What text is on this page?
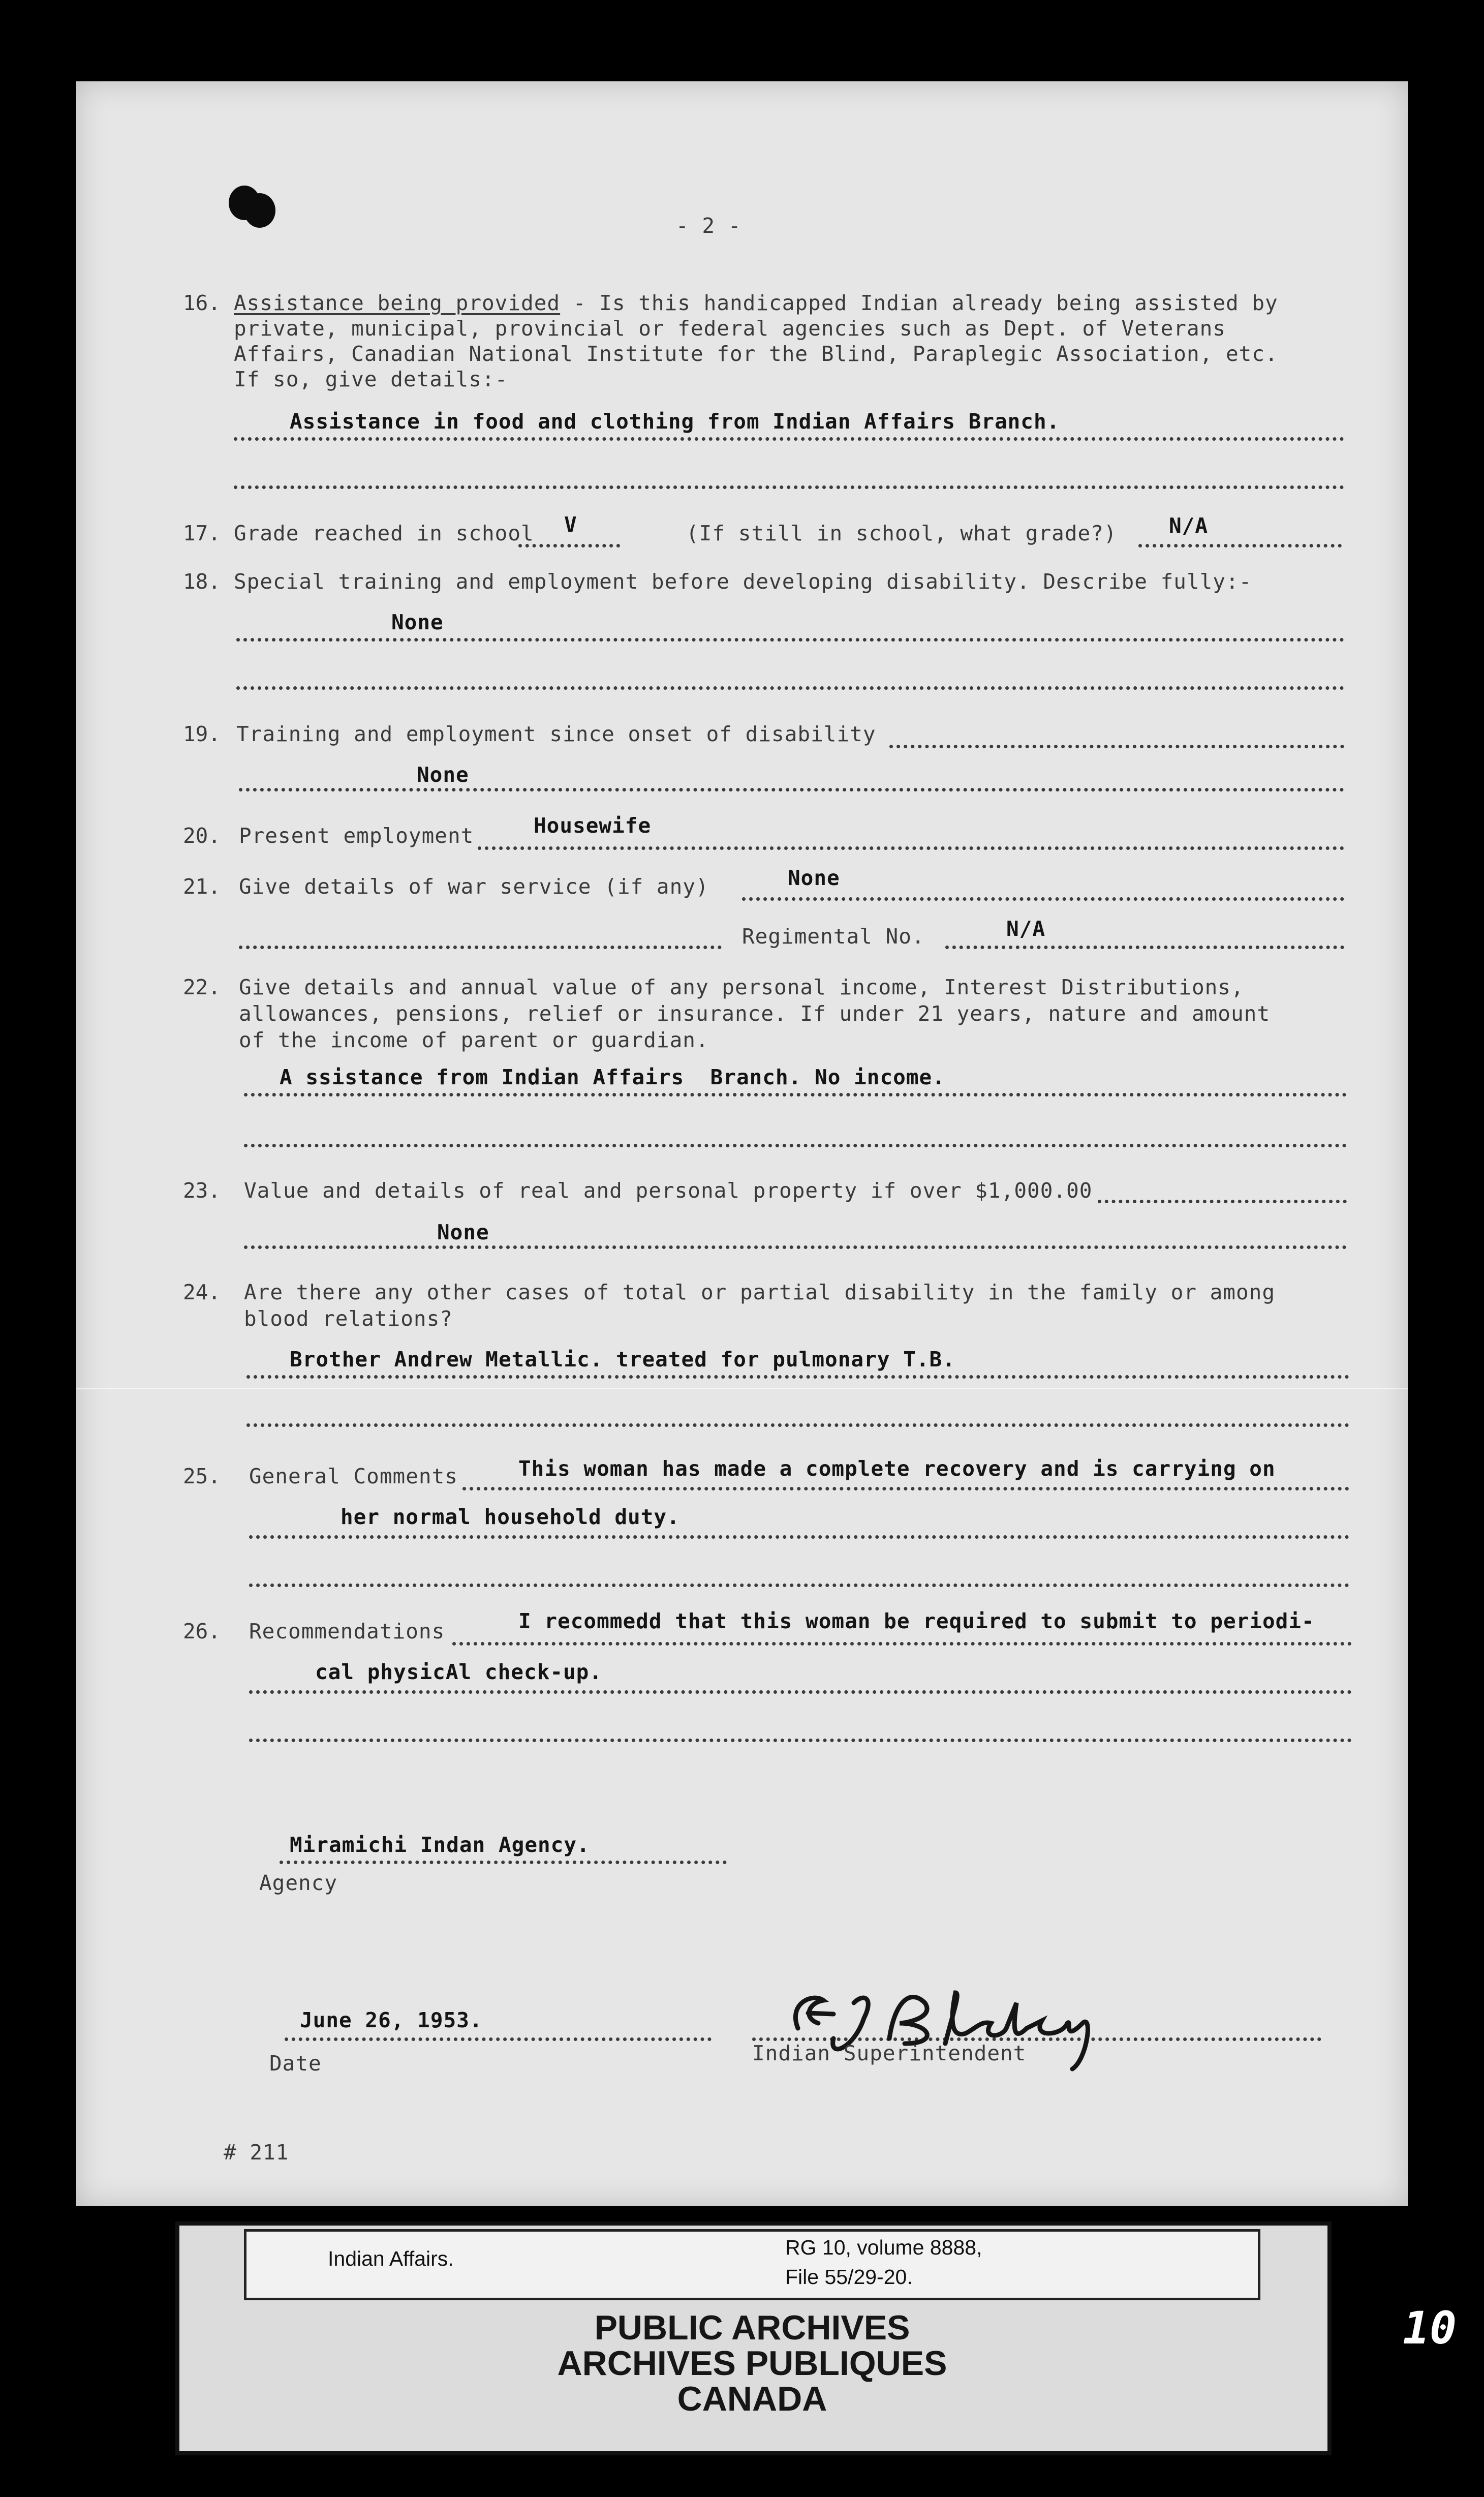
- 2 -
16. Assistance being provided - Is this handicapped Indian already being assisted by
private, municipal, provincial or federal agencies such as Dept. of Veterans
Affairs, Canadian National Institute for the Blind, Paraplegic Association, etc.
If so, give details:-
Assistance in food and clothing from Indian Affairs Branch.
17. Grade reached in school V	(If still in school, what grade?) N/A
18. Special training and employment before developing disability. Describe fully:-
None
19. Training and employment since onset of disability
None
20. Present employment	Housewife
21. Give details of war service (if any)	None
Regimental No.	N/A
22. Give details and annual value of any personal income, Interest Distributions,
allowances, pensions, relief or insurance. If under 21 years, nature and amount
of the income of parent or guardian.
A ssistance from Indian Affairs  Branch. No income.
23. Value and details of real and personal property if over $1,000.00
None
24. Are there any other cases of total or partial disability in the family or among
blood relations?
Brother Andrew Metallic. treated for pulmonary T.B.
25. General Comments	This woman has made a complete recovery and is carrying on
her normal household duty.
26. Recommendations	I recommedd that this woman be required to submit to periodi-
cal physicAl check-up.
Miramichi Indan Agency.
Agency
June 26, 1953.
Date	Indian Superintendent
# 211
Indian Affairs.	RG 10, volume 8888,
File 55/29-20.
PUBLIC ARCHIVES
ARCHIVES PUBLIQUES
CANADA
10
